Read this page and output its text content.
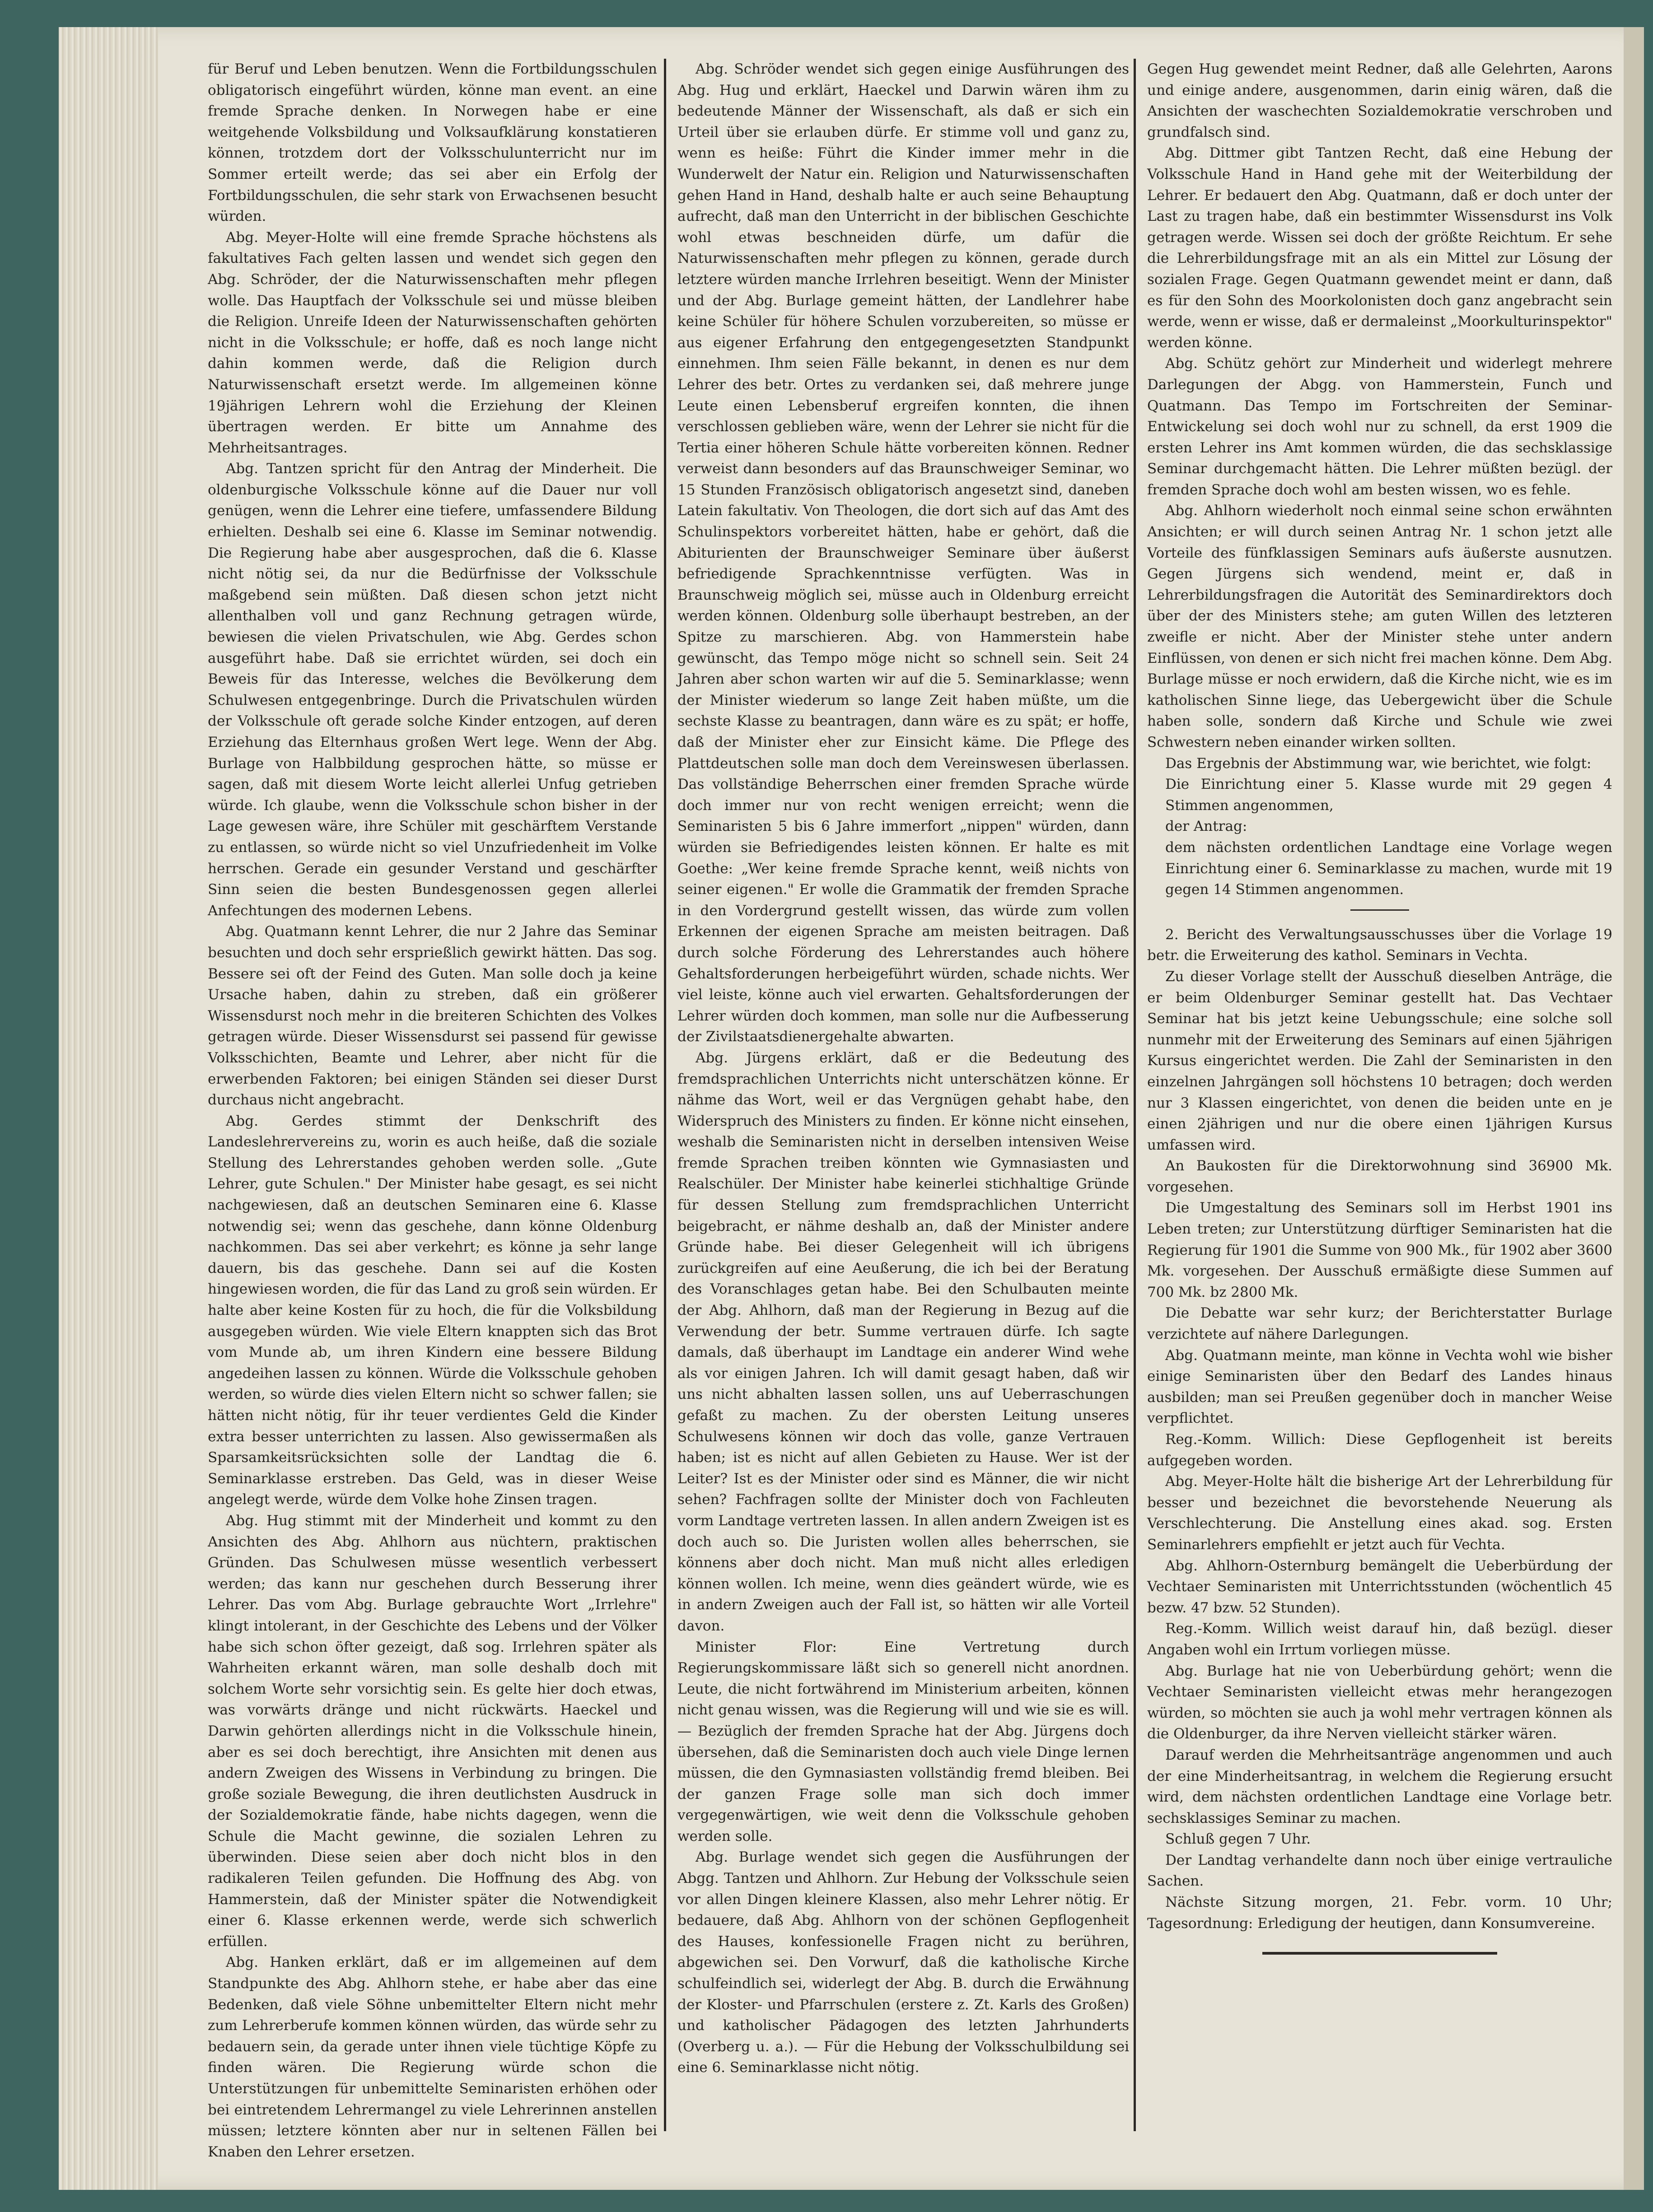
für Beruf und Leben benutzen. Wenn die Fortbildungsschulen obligatorisch eingeführt würden, könne man event. an eine fremde Sprache denken. In Norwegen habe er eine weitgehende Volksbildung und Volksaufklärung konstatieren können, trotzdem dort der Volksschulunterricht nur im Sommer erteilt werde; das sei aber ein Erfolg der Fortbildungsschulen, die sehr stark von Erwachsenen besucht würden.

Abg. Meyer-Holte will eine fremde Sprache höchstens als fakultatives Fach gelten lassen und wendet sich gegen den Abg. Schröder, der die Naturwissenschaften mehr pflegen wolle. Das Hauptfach der Volksschule sei und müsse bleiben die Religion. Unreife Ideen der Naturwissenschaften gehörten nicht in die Volksschule; er hoffe, daß es noch lange nicht dahin kommen werde, daß die Religion durch Naturwissenschaft ersetzt werde. Im allgemeinen könne 19jährigen Lehrern wohl die Erziehung der Kleinen übertragen werden. Er bitte um Annahme des Mehrheitsantrages.

Abg. Tantzen spricht für den Antrag der Minderheit. Die oldenburgische Volksschule könne auf die Dauer nur voll genügen, wenn die Lehrer eine tiefere, umfassendere Bildung erhielten. Deshalb sei eine 6. Klasse im Seminar notwendig. Die Regierung habe aber ausgesprochen, daß die 6. Klasse nicht nötig sei, da nur die Bedürfnisse der Volksschule maßgebend sein müßten. Daß diesen schon jetzt nicht allenthalben voll und ganz Rechnung getragen würde, bewiesen die vielen Privatschulen, wie Abg. Gerdes schon ausgeführt habe. Daß sie errichtet würden, sei doch ein Beweis für das Interesse, welches die Bevölkerung dem Schulwesen entgegenbringe. Durch die Privatschulen würden der Volksschule oft gerade solche Kinder entzogen, auf deren Erziehung das Elternhaus großen Wert lege. Wenn der Abg. Burlage von Halbbildung gesprochen hätte, so müsse er sagen, daß mit diesem Worte leicht allerlei Unfug getrieben würde. Ich glaube, wenn die Volksschule schon bisher in der Lage gewesen wäre, ihre Schüler mit geschärftem Verstande zu entlassen, so würde nicht so viel Unzufriedenheit im Volke herrschen. Gerade ein gesunder Verstand und geschärfter Sinn seien die besten Bundesgenossen gegen allerlei Anfechtungen des modernen Lebens.

Abg. Quatmann kennt Lehrer, die nur 2 Jahre das Seminar besuchten und doch sehr ersprießlich gewirkt hätten. Das sog. Bessere sei oft der Feind des Guten. Man solle doch ja keine Ursache haben, dahin zu streben, daß ein größerer Wissensdurst noch mehr in die breiteren Schichten des Volkes getragen würde. Dieser Wissensdurst sei passend für gewisse Volksschichten, Beamte und Lehrer, aber nicht für die erwerbenden Faktoren; bei einigen Ständen sei dieser Durst durchaus nicht angebracht.

Abg. Gerdes stimmt der Denkschrift des Landeslehrervereins zu, worin es auch heiße, daß die soziale Stellung des Lehrerstandes gehoben werden solle. „Gute Lehrer, gute Schulen." Der Minister habe gesagt, es sei nicht nachgewiesen, daß an deutschen Seminaren eine 6. Klasse notwendig sei; wenn das geschehe, dann könne Oldenburg nachkommen. Das sei aber verkehrt; es könne ja sehr lange dauern, bis das geschehe. Dann sei auf die Kosten hingewiesen worden, die für das Land zu groß sein würden. Er halte aber keine Kosten für zu hoch, die für die Volksbildung ausgegeben würden. Wie viele Eltern knappten sich das Brot vom Munde ab, um ihren Kindern eine bessere Bildung angedeihen lassen zu können. Würde die Volksschule gehoben werden, so würde dies vielen Eltern nicht so schwer fallen; sie hätten nicht nötig, für ihr teuer verdientes Geld die Kinder extra besser unterrichten zu lassen. Also gewissermaßen als Sparsamkeitsrücksichten solle der Landtag die 6. Seminarklasse erstreben. Das Geld, was in dieser Weise angelegt werde, würde dem Volke hohe Zinsen tragen.

Abg. Hug stimmt mit der Minderheit und kommt zu den Ansichten des Abg. Ahlhorn aus nüchtern, praktischen Gründen. Das Schulwesen müsse wesentlich verbessert werden; das kann nur geschehen durch Besserung ihrer Lehrer. Das vom Abg. Burlage gebrauchte Wort „Irrlehre" klingt intolerant, in der Geschichte des Lebens und der Völker habe sich schon öfter gezeigt, daß sog. Irrlehren später als Wahrheiten erkannt wären, man solle deshalb doch mit solchem Worte sehr vorsichtig sein. Es gelte hier doch etwas, was vorwärts dränge und nicht rückwärts. Haeckel und Darwin gehörten allerdings nicht in die Volksschule hinein, aber es sei doch berechtigt, ihre Ansichten mit denen aus andern Zweigen des Wissens in Verbindung zu bringen. Die große soziale Bewegung, die ihren deutlichsten Ausdruck in der Sozialdemokratie fände, habe nichts dagegen, wenn die Schule die Macht gewinne, die sozialen Lehren zu überwinden. Diese seien aber doch nicht blos in den radikaleren Teilen gefunden. Die Hoffnung des Abg. von Hammerstein, daß der Minister später die Notwendigkeit einer 6. Klasse erkennen werde, werde sich schwerlich erfüllen.

Abg. Hanken erklärt, daß er im allgemeinen auf dem Standpunkte des Abg. Ahlhorn stehe, er habe aber das eine Bedenken, daß viele Söhne unbemittelter Eltern nicht mehr zum Lehrerberufe kommen können würden, das würde sehr zu bedauern sein, da gerade unter ihnen viele tüchtige Köpfe zu finden wären. Die Regierung würde schon die Unterstützungen für unbemittelte Seminaristen erhöhen oder bei eintretendem Lehrermangel zu viele Lehrerinnen anstellen müssen; letztere könnten aber nur in seltenen Fällen bei Knaben den Lehrer ersetzen.

Abg. Schröder wendet sich gegen einige Ausführungen des Abg. Hug und erklärt, Haeckel und Darwin wären ihm zu bedeutende Männer der Wissenschaft, als daß er sich ein Urteil über sie erlauben dürfe. Er stimme voll und ganz zu, wenn es heiße: Führt die Kinder immer mehr in die Wunderwelt der Natur ein. Religion und Naturwissenschaften gehen Hand in Hand, deshalb halte er auch seine Behauptung aufrecht, daß man den Unterricht in der biblischen Geschichte wohl etwas beschneiden dürfe, um dafür die Naturwissenschaften mehr pflegen zu können, gerade durch letztere würden manche Irrlehren beseitigt. Wenn der Minister und der Abg. Burlage gemeint hätten, der Landlehrer habe keine Schüler für höhere Schulen vorzubereiten, so müsse er aus eigener Erfahrung den entgegengesetzten Standpunkt einnehmen. Ihm seien Fälle bekannt, in denen es nur dem Lehrer des betr. Ortes zu verdanken sei, daß mehrere junge Leute einen Lebensberuf ergreifen konnten, die ihnen verschlossen geblieben wäre, wenn der Lehrer sie nicht für die Tertia einer höheren Schule hätte vorbereiten können. Redner verweist dann besonders auf das Braunschweiger Seminar, wo 15 Stunden Französisch obligatorisch angesetzt sind, daneben Latein fakultativ. Von Theologen, die dort sich auf das Amt des Schulinspektors vorbereitet hätten, habe er gehört, daß die Abiturienten der Braunschweiger Seminare über äußerst befriedigende Sprachkenntnisse verfügten. Was in Braunschweig möglich sei, müsse auch in Oldenburg erreicht werden können. Oldenburg solle überhaupt bestreben, an der Spitze zu marschieren. Abg. von Hammerstein habe gewünscht, das Tempo möge nicht so schnell sein. Seit 24 Jahren aber schon warten wir auf die 5. Seminarklasse; wenn der Minister wiederum so lange Zeit haben müßte, um die sechste Klasse zu beantragen, dann wäre es zu spät; er hoffe, daß der Minister eher zur Einsicht käme. Die Pflege des Plattdeutschen solle man doch dem Vereinswesen überlassen. Das vollständige Beherrschen einer fremden Sprache würde doch immer nur von recht wenigen erreicht; wenn die Seminaristen 5 bis 6 Jahre immerfort „nippen" würden, dann würden sie Befriedigendes leisten können. Er halte es mit Goethe: „Wer keine fremde Sprache kennt, weiß nichts von seiner eigenen." Er wolle die Grammatik der fremden Sprache in den Vordergrund gestellt wissen, das würde zum vollen Erkennen der eigenen Sprache am meisten beitragen. Daß durch solche Förderung des Lehrerstandes auch höhere Gehaltsforderungen herbeigeführt würden, schade nichts. Wer viel leiste, könne auch viel erwarten. Gehaltsforderungen der Lehrer würden doch kommen, man solle nur die Aufbesserung der Zivilstaatsdienergehalte abwarten.

Abg. Jürgens erklärt, daß er die Bedeutung des fremdsprachlichen Unterrichts nicht unterschätzen könne. Er nähme das Wort, weil er das Vergnügen gehabt habe, den Widerspruch des Ministers zu finden. Er könne nicht einsehen, weshalb die Seminaristen nicht in derselben intensiven Weise fremde Sprachen treiben könnten wie Gymnasiasten und Realschüler. Der Minister habe keinerlei stichhaltige Gründe für dessen Stellung zum fremdsprachlichen Unterricht beigebracht, er nähme deshalb an, daß der Minister andere Gründe habe. Bei dieser Gelegenheit will ich übrigens zurückgreifen auf eine Aeußerung, die ich bei der Beratung des Voranschlages getan habe. Bei den Schulbauten meinte der Abg. Ahlhorn, daß man der Regierung in Bezug auf die Verwendung der betr. Summe vertrauen dürfe. Ich sagte damals, daß überhaupt im Landtage ein anderer Wind wehe als vor einigen Jahren. Ich will damit gesagt haben, daß wir uns nicht abhalten lassen sollen, uns auf Ueberraschungen gefaßt zu machen. Zu der obersten Leitung unseres Schulwesens können wir doch das volle, ganze Vertrauen haben; ist es nicht auf allen Gebieten zu Hause. Wer ist der Leiter? Ist es der Minister oder sind es Männer, die wir nicht sehen? Fachfragen sollte der Minister doch von Fachleuten vorm Landtage vertreten lassen. In allen andern Zweigen ist es doch auch so. Die Juristen wollen alles beherrschen, sie könnens aber doch nicht. Man muß nicht alles erledigen können wollen. Ich meine, wenn dies geändert würde, wie es in andern Zweigen auch der Fall ist, so hätten wir alle Vorteil davon.

Minister Flor: Eine Vertretung durch Regierungskommissare läßt sich so generell nicht anordnen. Leute, die nicht fortwährend im Ministerium arbeiten, können nicht genau wissen, was die Regierung will und wie sie es will. — Bezüglich der fremden Sprache hat der Abg. Jürgens doch übersehen, daß die Seminaristen doch auch viele Dinge lernen müssen, die den Gymnasiasten vollständig fremd bleiben. Bei der ganzen Frage solle man sich doch immer vergegenwärtigen, wie weit denn die Volksschule gehoben werden solle.

Abg. Burlage wendet sich gegen die Ausführungen der Abgg. Tantzen und Ahlhorn. Zur Hebung der Volksschule seien vor allen Dingen kleinere Klassen, also mehr Lehrer nötig. Er bedauere, daß Abg. Ahlhorn von der schönen Gepflogenheit des Hauses, konfessionelle Fragen nicht zu berühren, abgewichen sei. Den Vorwurf, daß die katholische Kirche schulfeindlich sei, widerlegt der Abg. B. durch die Erwähnung der Kloster- und Pfarrschulen (erstere z. Zt. Karls des Großen) und katholischer Pädagogen des letzten Jahrhunderts (Overberg u. a.). — Für die Hebung der Volksschulbildung sei eine 6. Seminarklasse nicht nötig.

Gegen Hug gewendet meint Redner, daß alle Gelehrten, Aarons und einige andere, ausgenommen, darin einig wären, daß die Ansichten der waschechten Sozialdemokratie verschroben und grundfalsch sind.

Abg. Dittmer gibt Tantzen Recht, daß eine Hebung der Volksschule Hand in Hand gehe mit der Weiterbildung der Lehrer. Er bedauert den Abg. Quatmann, daß er doch unter der Last zu tragen habe, daß ein bestimmter Wissensdurst ins Volk getragen werde. Wissen sei doch der größte Reichtum. Er sehe die Lehrerbildungsfrage mit an als ein Mittel zur Lösung der sozialen Frage. Gegen Quatmann gewendet meint er dann, daß es für den Sohn des Moorkolonisten doch ganz angebracht sein werde, wenn er wisse, daß er dermaleinst „Moorkulturinspektor" werden könne.

Abg. Schütz gehört zur Minderheit und widerlegt mehrere Darlegungen der Abgg. von Hammerstein, Funch und Quatmann. Das Tempo im Fortschreiten der Seminar-Entwickelung sei doch wohl nur zu schnell, da erst 1909 die ersten Lehrer ins Amt kommen würden, die das sechsklassige Seminar durchgemacht hätten. Die Lehrer müßten bezügl. der fremden Sprache doch wohl am besten wissen, wo es fehle.

Abg. Ahlhorn wiederholt noch einmal seine schon erwähnten Ansichten; er will durch seinen Antrag Nr. 1 schon jetzt alle Vorteile des fünfklassigen Seminars aufs äußerste ausnutzen. Gegen Jürgens sich wendend, meint er, daß in Lehrerbildungsfragen die Autorität des Seminardirektors doch über der des Ministers stehe; am guten Willen des letzteren zweifle er nicht. Aber der Minister stehe unter andern Einflüssen, von denen er sich nicht frei machen könne. Dem Abg. Burlage müsse er noch erwidern, daß die Kirche nicht, wie es im katholischen Sinne liege, das Uebergewicht über die Schule haben solle, sondern daß Kirche und Schule wie zwei Schwestern neben einander wirken sollten.

Das Ergebnis der Abstimmung war, wie berichtet, wie folgt:

Die Einrichtung einer 5. Klasse wurde mit 29 gegen 4 Stimmen angenommen,

der Antrag:

dem nächsten ordentlichen Landtage eine Vorlage wegen Einrichtung einer 6. Seminarklasse zu machen, wurde mit 19 gegen 14 Stimmen angenommen.

2. Bericht des Verwaltungsausschusses über die Vorlage 19 betr. die Erweiterung des kathol. Seminars in Vechta.

Zu dieser Vorlage stellt der Ausschuß dieselben Anträge, die er beim Oldenburger Seminar gestellt hat. Das Vechtaer Seminar hat bis jetzt keine Uebungsschule; eine solche soll nunmehr mit der Erweiterung des Seminars auf einen 5jährigen Kursus eingerichtet werden. Die Zahl der Seminaristen in den einzelnen Jahrgängen soll höchstens 10 betragen; doch werden nur 3 Klassen eingerichtet, von denen die beiden unte en je einen 2jährigen und nur die obere einen 1jährigen Kursus umfassen wird.

An Baukosten für die Direktorwohnung sind 36900 Mk. vorgesehen.

Die Umgestaltung des Seminars soll im Herbst 1901 ins Leben treten; zur Unterstützung dürftiger Seminaristen hat die Regierung für 1901 die Summe von 900 Mk., für 1902 aber 3600 Mk. vorgesehen. Der Ausschuß ermäßigte diese Summen auf 700 Mk. bz 2800 Mk.

Die Debatte war sehr kurz; der Berichterstatter Burlage verzichtete auf nähere Darlegungen.

Abg. Quatmann meinte, man könne in Vechta wohl wie bisher einige Seminaristen über den Bedarf des Landes hinaus ausbilden; man sei Preußen gegenüber doch in mancher Weise verpflichtet.

Reg.-Komm. Willich: Diese Gepflogenheit ist bereits aufgegeben worden.

Abg. Meyer-Holte hält die bisherige Art der Lehrerbildung für besser und bezeichnet die bevorstehende Neuerung als Verschlechterung. Die Anstellung eines akad. sog. Ersten Seminarlehrers empfiehlt er jetzt auch für Vechta.

Abg. Ahlhorn-Osternburg bemängelt die Ueberbürdung der Vechtaer Seminaristen mit Unterrichtsstunden (wöchentlich 45 bezw. 47 bzw. 52 Stunden).

Reg.-Komm. Willich weist darauf hin, daß bezügl. dieser Angaben wohl ein Irrtum vorliegen müsse.

Abg. Burlage hat nie von Ueberbürdung gehört; wenn die Vechtaer Seminaristen vielleicht etwas mehr herangezogen würden, so möchten sie auch ja wohl mehr vertragen können als die Oldenburger, da ihre Nerven vielleicht stärker wären.

Darauf werden die Mehrheitsanträge angenommen und auch der eine Minderheitsantrag, in welchem die Regierung ersucht wird, dem nächsten ordentlichen Landtage eine Vorlage betr. sechsklassiges Seminar zu machen.

Schluß gegen 7 Uhr.

Der Landtag verhandelte dann noch über einige vertrauliche Sachen.

Nächste Sitzung morgen, 21. Febr. vorm. 10 Uhr; Tagesordnung: Erledigung der heutigen, dann Konsumvereine.
